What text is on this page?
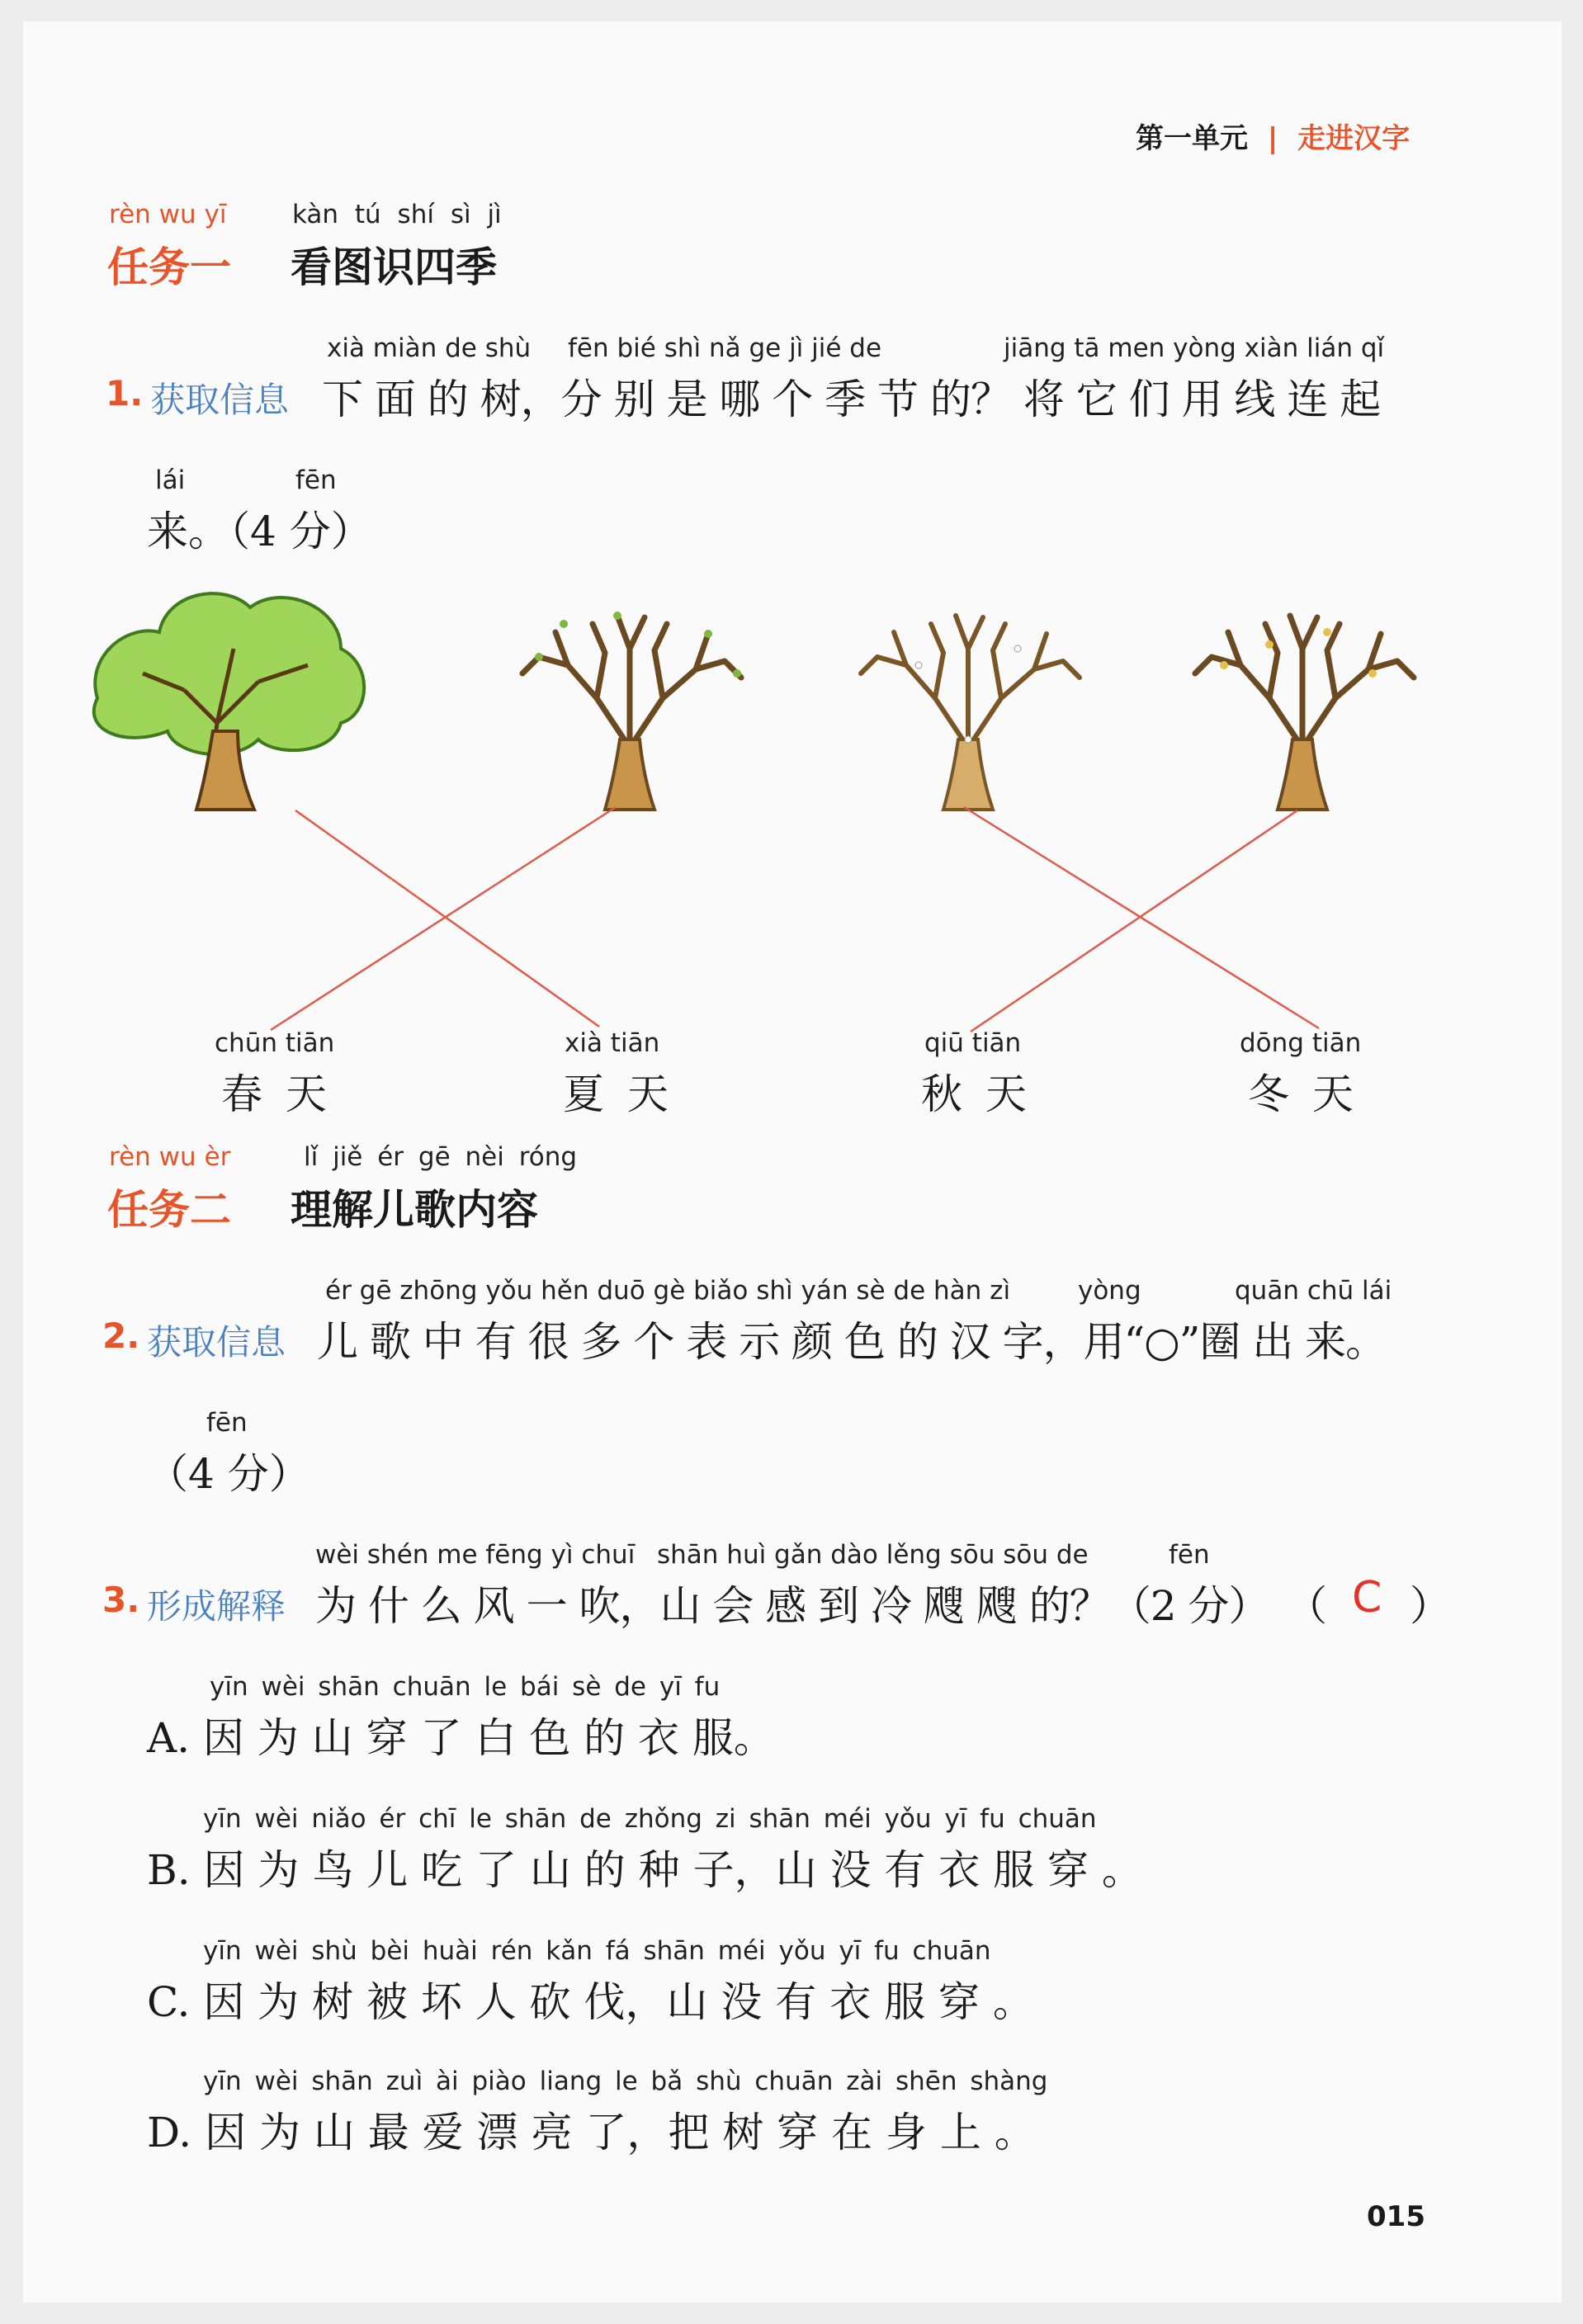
第一单元 | 走进汉字
rèn wu yī	kàn tú shí sì jì
任务一 看图识四季
xià miàn de shù fēn bié shì nǎ ge jì jié de	jiāng tā men yòng xiàn lián qǐ
1. 获取信息 下 面 的 树，分 别 是 哪 个 季 节 的？ 将 它 们 用 线 连 起
lái	fēn
来。（4 分）
chūn tiān
春 天
xià tiān
夏 天
qiū tiān
秋 天
dōng tiān
冬 天
rèn wu èr	lǐ jiě ér gē nèi róng
任务二 理解儿歌内容
ér gē zhōng yǒu hěn duō gè biǎo shì yán sè de hàn zì	yòng	quān chū lái
2. 获取信息 儿 歌 中 有 很 多 个 表 示 颜 色 的 汉 字，用“○”圈 出 来。
fēn
（4 分）
wèi shén me fēng yì chuī shān huì gǎn dào lěng sōu sōu de	fēn
3. 形成解释 为 什 么 风 一 吹，山 会 感 到 冷 飕 飕 的？（2 分） （ C ）
yīn wèi shān chuān le bái sè de yī fu
A. 因 为 山 穿 了 白 色 的 衣 服。
yīn wèi niǎo ér chī le shān de zhǒng zi shān méi yǒu yī fu chuān
B. 因 为 鸟 儿 吃 了 山 的 种 子，山 没 有 衣 服 穿 。
yīn wèi shù bèi huài rén kǎn fá shān méi yǒu yī fu chuān
C. 因 为 树 被 坏 人 砍 伐，山 没 有 衣 服 穿 。
yīn wèi shān zuì ài piào liang le bǎ shù chuān zài shēn shàng
D. 因 为 山 最 爱 漂 亮 了，把 树 穿 在 身 上 。
015
